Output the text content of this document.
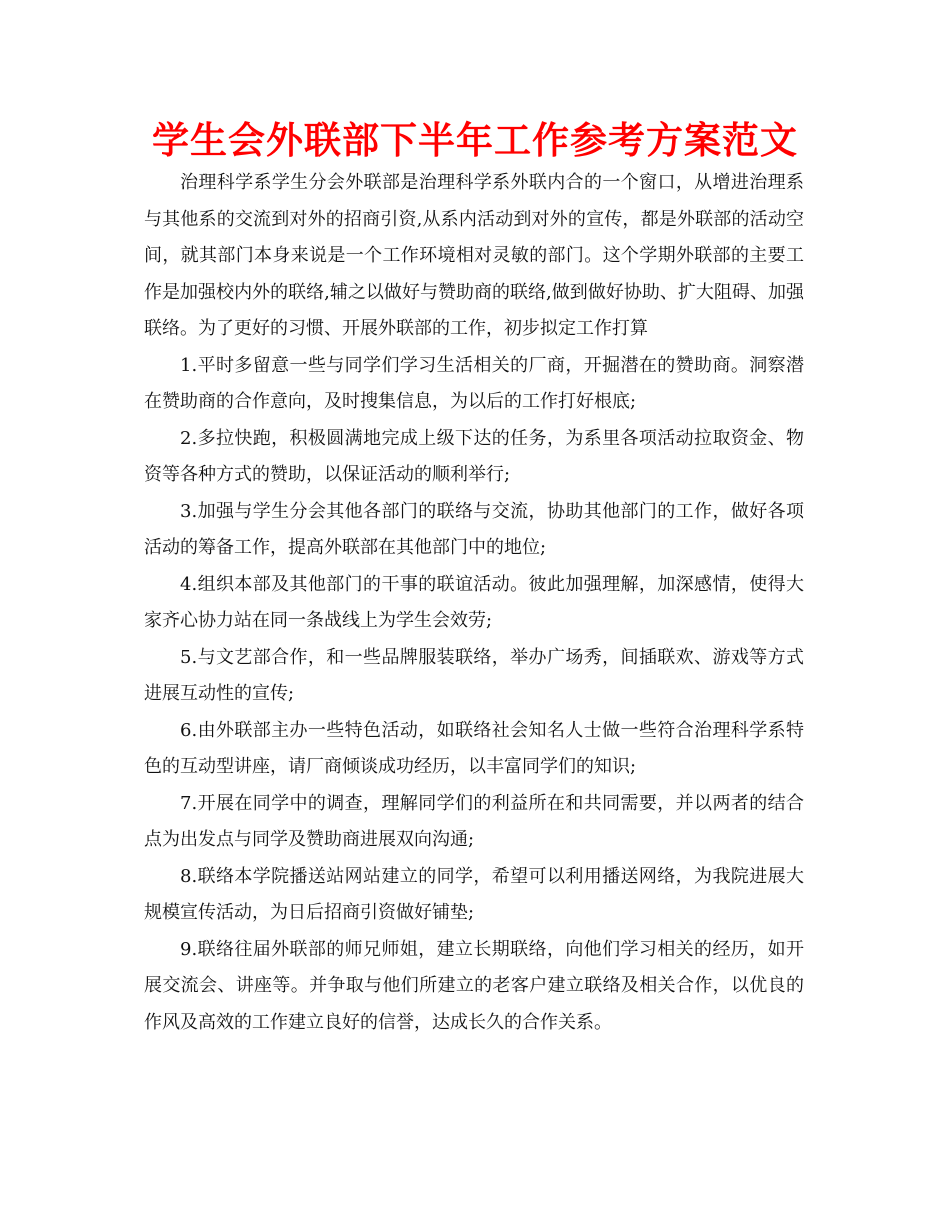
学生会外联部下半年工作参考方案范文

治理科学系学生分会外联部是治理科学系外联内合的一个窗口，从增进治理系与其他系的交流到对外的招商引资,从系内活动到对外的宣传，都是外联部的活动空间，就其部门本身来说是一个工作环境相对灵敏的部门。这个学期外联部的主要工作是加强校内外的联络,辅之以做好与赞助商的联络,做到做好协助、扩大阻碍、加强联络。为了更好的习惯、开展外联部的工作，初步拟定工作打算

1.平时多留意一些与同学们学习生活相关的厂商，开掘潜在的赞助商。洞察潜在赞助商的合作意向，及时搜集信息，为以后的工作打好根底;

2.多拉快跑，积极圆满地完成上级下达的任务，为系里各项活动拉取资金、物资等各种方式的赞助，以保证活动的顺利举行;

3.加强与学生分会其他各部门的联络与交流，协助其他部门的工作，做好各项活动的筹备工作，提高外联部在其他部门中的地位;

4.组织本部及其他部门的干事的联谊活动。彼此加强理解，加深感情，使得大家齐心协力站在同一条战线上为学生会效劳;

5.与文艺部合作，和一些品牌服装联络，举办广场秀，间插联欢、游戏等方式进展互动性的宣传;

6.由外联部主办一些特色活动，如联络社会知名人士做一些符合治理科学系特色的互动型讲座，请厂商倾谈成功经历，以丰富同学们的知识;

7.开展在同学中的调查，理解同学们的利益所在和共同需要，并以两者的结合点为出发点与同学及赞助商进展双向沟通;

8.联络本学院播送站网站建立的同学，希望可以利用播送网络，为我院进展大规模宣传活动，为日后招商引资做好铺垫;

9.联络往届外联部的师兄师姐，建立长期联络，向他们学习相关的经历，如开展交流会、讲座等。并争取与他们所建立的老客户建立联络及相关合作，以优良的作风及高效的工作建立良好的信誉，达成长久的合作关系。
